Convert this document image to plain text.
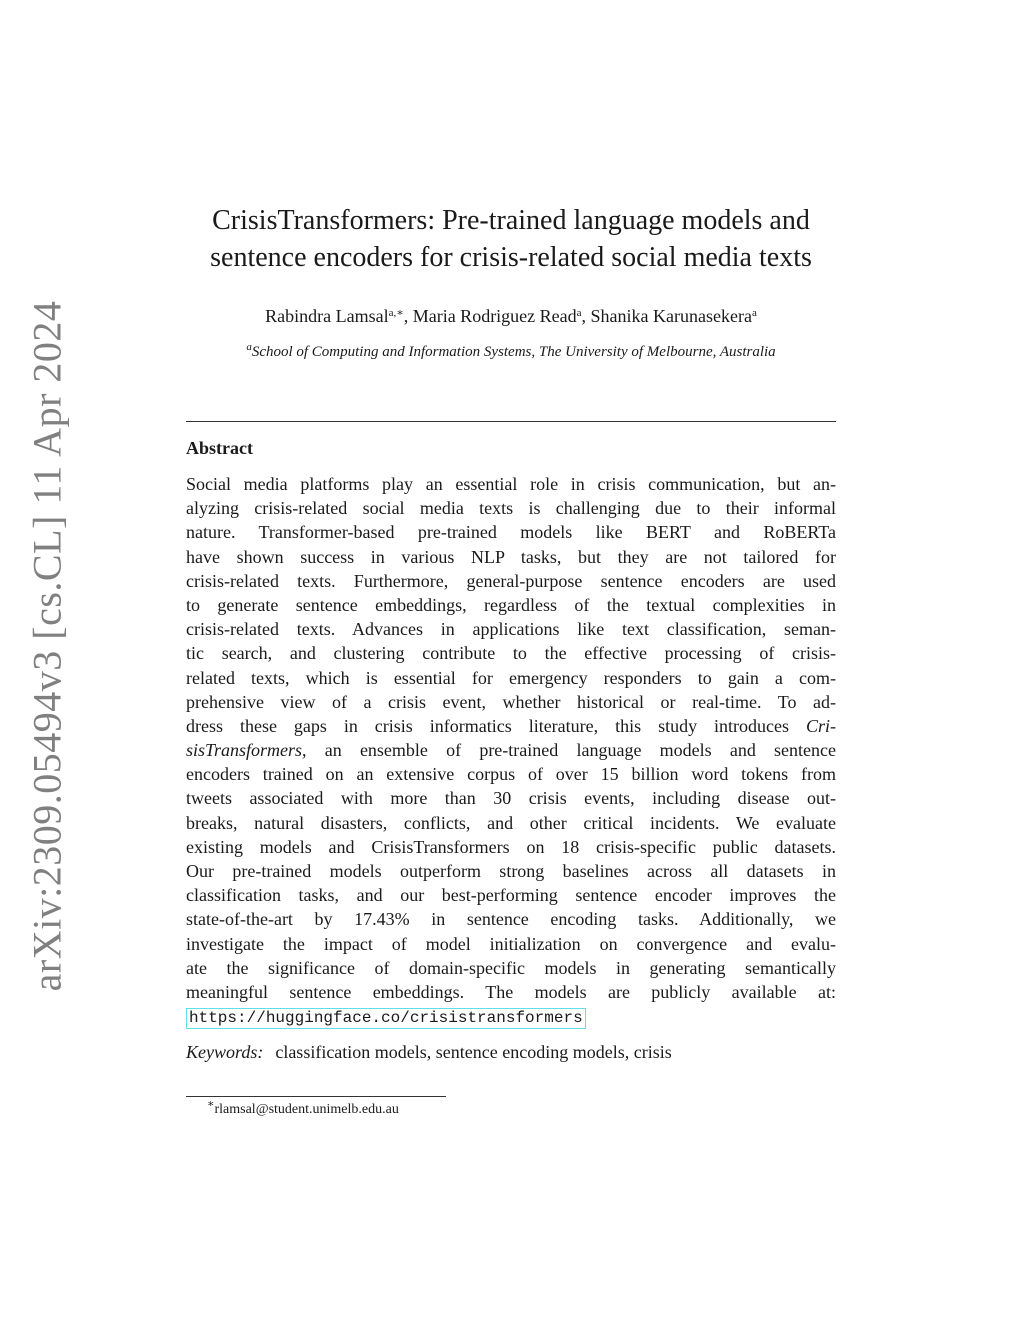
arXiv:2309.05494v3 [cs.CL] 11 Apr 2024
CrisisTransformers: Pre-trained language models and
sentence encoders for crisis-related social media texts
Rabindra Lamsal$^{a,∗}$, Maria Rodriguez Read$^a$, Shanika Karunasekera$^a$
$^a$School of Computing and Information Systems, The University of Melbourne, Australia
Abstract
Social media platforms play an essential role in crisis communication, but an-
alyzing crisis-related social media texts is challenging due to their informal
nature. Transformer-based pre-trained models like BERT and RoBERTa
have shown success in various NLP tasks, but they are not tailored for
crisis-related texts. Furthermore, general-purpose sentence encoders are used
to generate sentence embeddings, regardless of the textual complexities in
crisis-related texts. Advances in applications like text classification, seman-
tic search, and clustering contribute to the effective processing of crisis-
related texts, which is essential for emergency responders to gain a com-
prehensive view of a crisis event, whether historical or real-time. To ad-
dress these gaps in crisis informatics literature, this study introduces Cri-
sisTransformers, an ensemble of pre-trained language models and sentence
encoders trained on an extensive corpus of over 15 billion word tokens from
tweets associated with more than 30 crisis events, including disease out-
breaks, natural disasters, conflicts, and other critical incidents. We evaluate
existing models and CrisisTransformers on 18 crisis-specific public datasets.
Our pre-trained models outperform strong baselines across all datasets in
classification tasks, and our best-performing sentence encoder improves the
state-of-the-art by 17.43% in sentence encoding tasks. Additionally, we
investigate the impact of model initialization on convergence and evalu-
ate the significance of domain-specific models in generating semantically
meaningful sentence embeddings. The models are publicly available at:
https://huggingface.co/crisistransformers
Keywords: classification models, sentence encoding models, crisis
∗rlamsal@student.unimelb.edu.au
